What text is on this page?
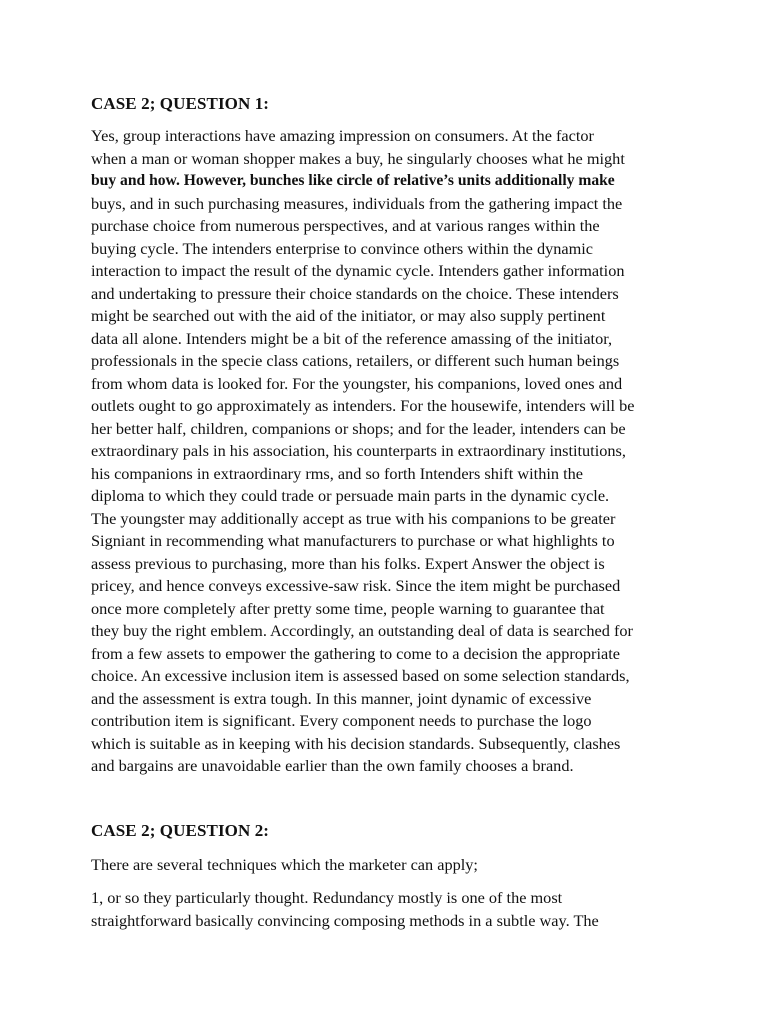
CASE 2; QUESTION 1:
Yes, group interactions have amazing impression on consumers. At the factor
when a man or woman shopper makes a buy, he singularly chooses what he might
buy and how. However, bunches like circle of relative’s units additionally make
buys, and in such purchasing measures, individuals from the gathering impact the
purchase choice from numerous perspectives, and at various ranges within the
buying cycle. The intenders enterprise to convince others within the dynamic
interaction to impact the result of the dynamic cycle. Intenders gather information
and undertaking to pressure their choice standards on the choice. These intenders
might be searched out with the aid of the initiator, or may also supply pertinent
data all alone. Intenders might be a bit of the reference amassing of the initiator,
professionals in the specie class cations, retailers, or different such human beings
from whom data is looked for. For the youngster, his companions, loved ones and
outlets ought to go approximately as intenders. For the housewife, intenders will be
her better half, children, companions or shops; and for the leader, intenders can be
extraordinary pals in his association, his counterparts in extraordinary institutions,
his companions in extraordinary rms, and so forth Intenders shift within the
diploma to which they could trade or persuade main parts in the dynamic cycle.
The youngster may additionally accept as true with his companions to be greater
Signiant in recommending what manufacturers to purchase or what highlights to
assess previous to purchasing, more than his folks. Expert Answer the object is
pricey, and hence conveys excessive-saw risk. Since the item might be purchased
once more completely after pretty some time, people warning to guarantee that
they buy the right emblem. Accordingly, an outstanding deal of data is searched for
from a few assets to empower the gathering to come to a decision the appropriate
choice. An excessive inclusion item is assessed based on some selection standards,
and the assessment is extra tough. In this manner, joint dynamic of excessive
contribution item is significant. Every component needs to purchase the logo
which is suitable as in keeping with his decision standards. Subsequently, clashes
and bargains are unavoidable earlier than the own family chooses a brand.
CASE 2; QUESTION 2:
There are several techniques which the marketer can apply;
1, or so they particularly thought. Redundancy mostly is one of the most
straightforward basically convincing composing methods in a subtle way. The
